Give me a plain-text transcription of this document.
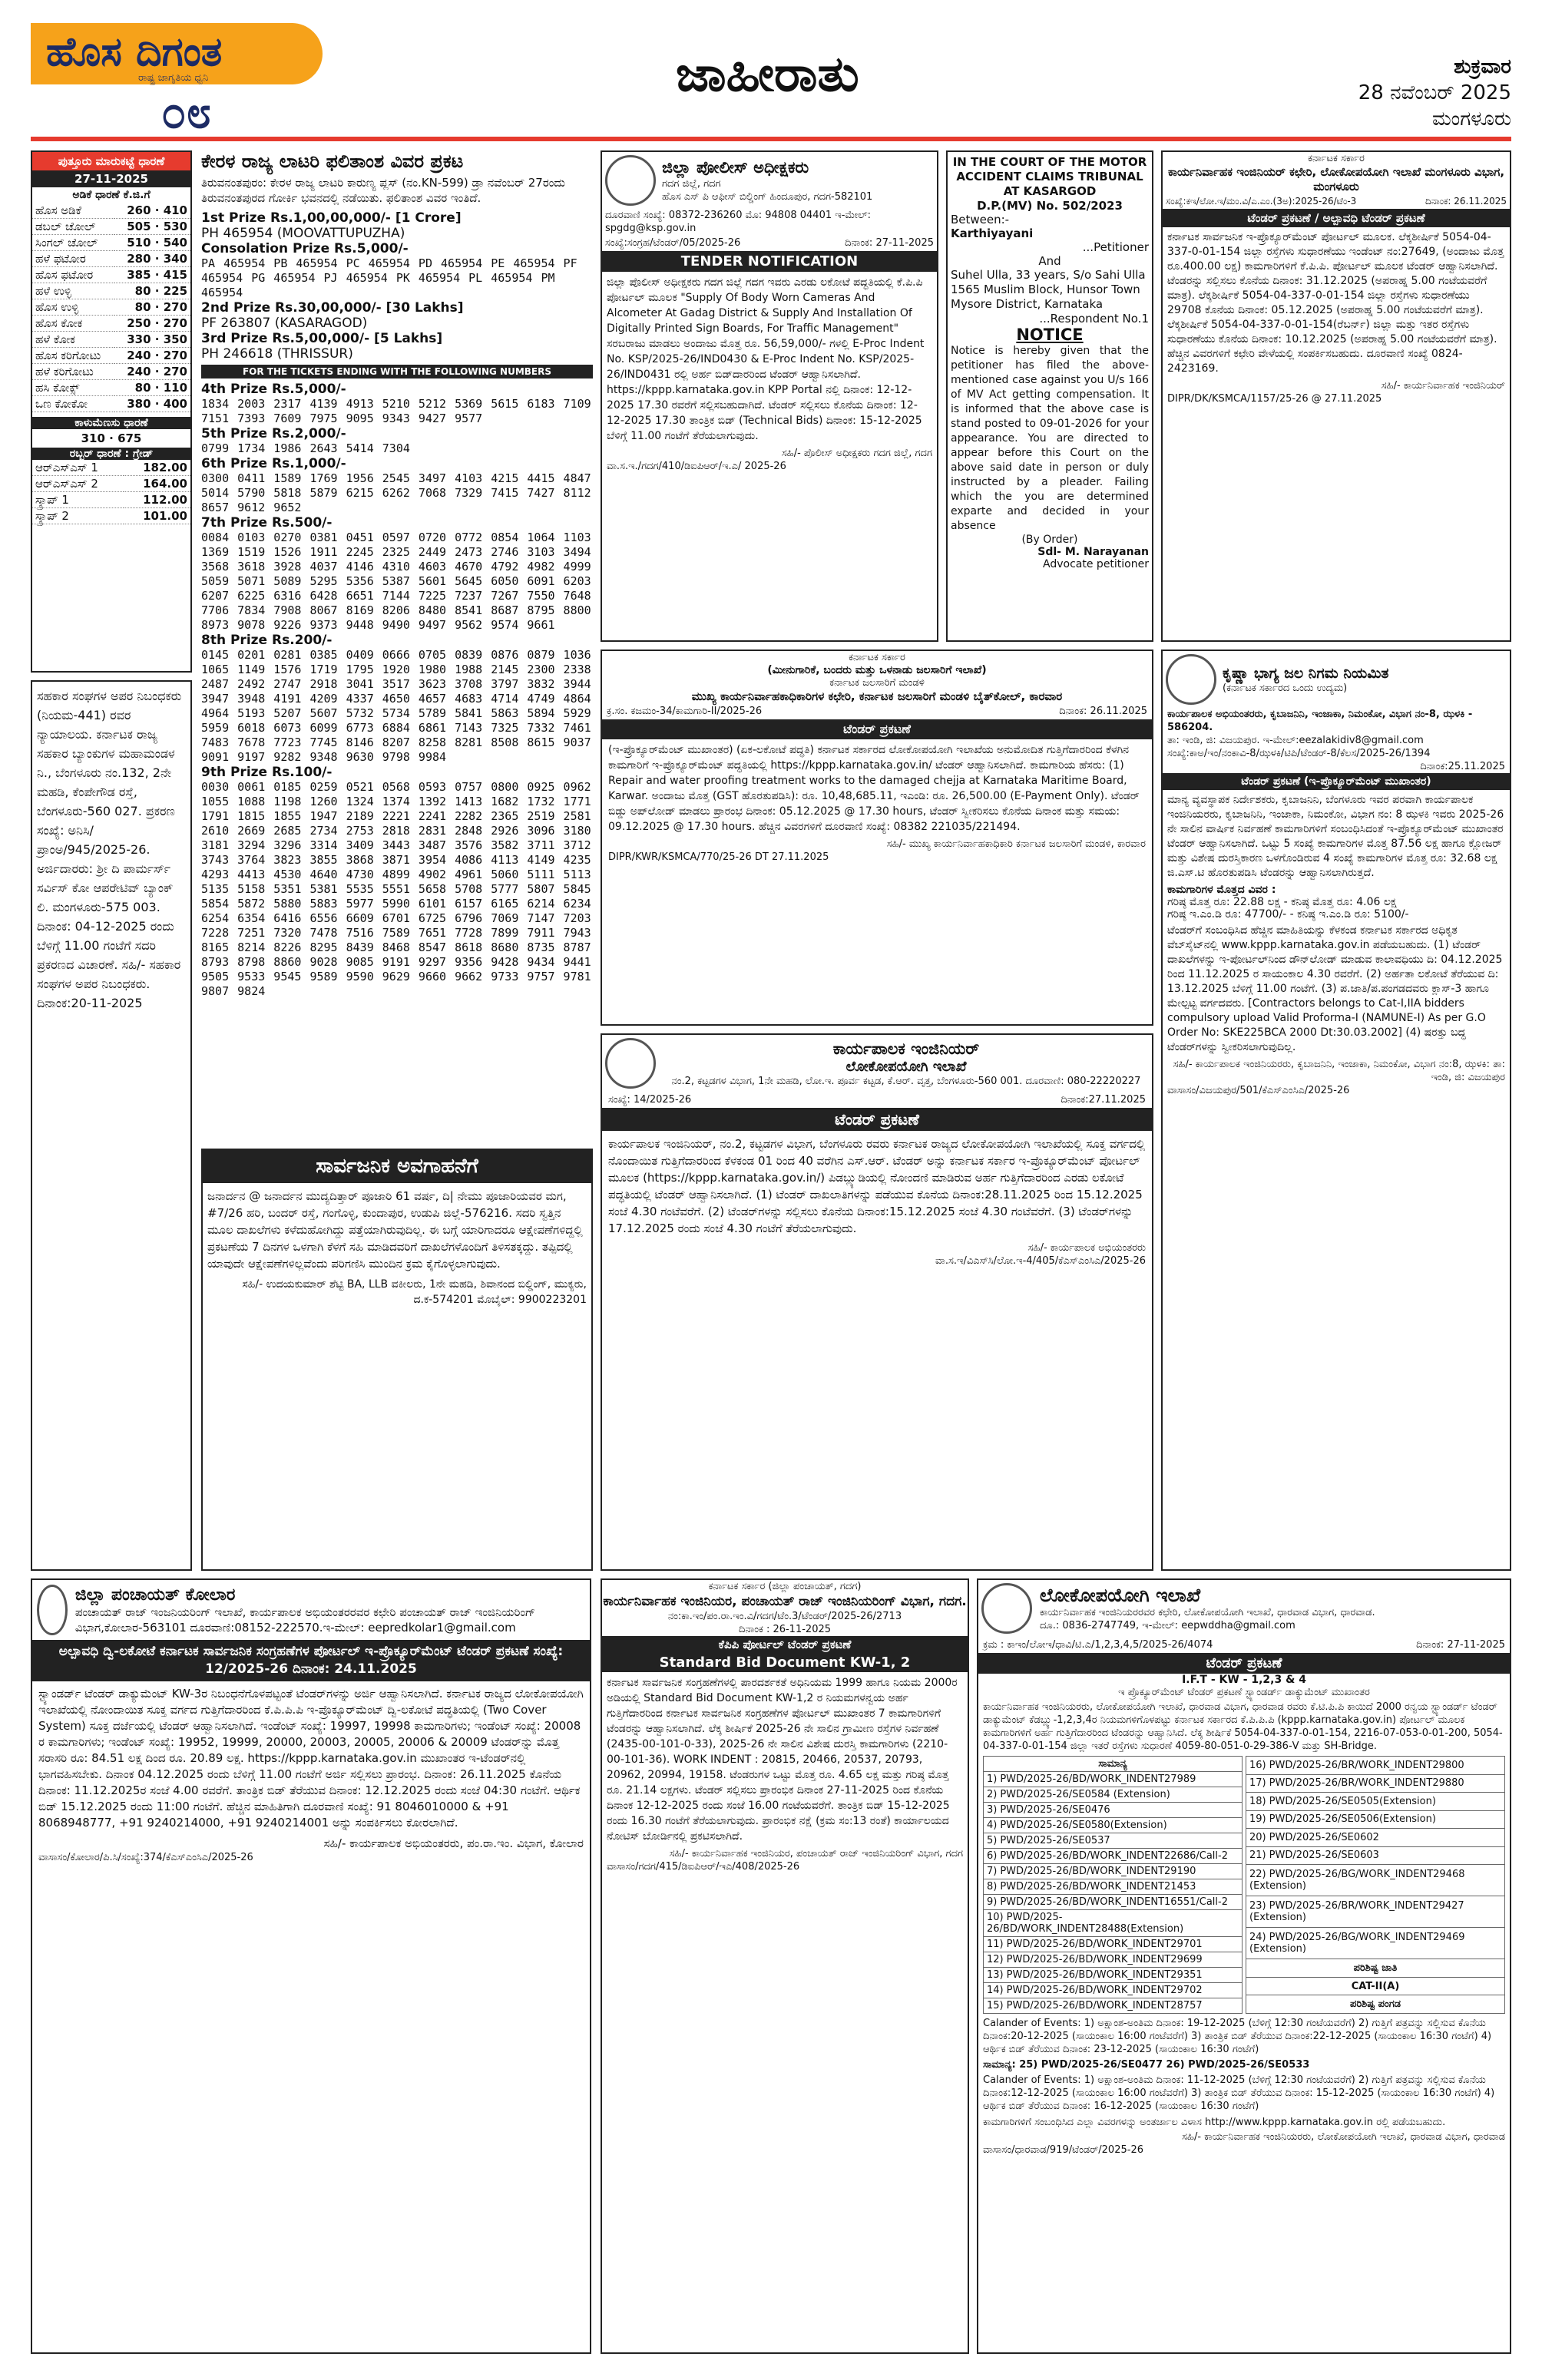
ಹೊಸ ದಿಗಂತ
ರಾಷ್ಟ್ರ ಜಾಗೃತಿಯ ಧ್ವನಿ
೦೮
ಜಾಹೀರಾತು	ಶುಕ್ರವಾರ
28 ನವೆಂಬರ್ 2025
ಮಂಗಳೂರು
ಪುತ್ತೂರು ಮಾರುಕಟ್ಟೆ ಧಾರಣೆ
27-11-2025
ಅಡಿಕೆ ಧಾರಣೆ ಕೆ.ಜಿ.ಗೆ
ಹೊಸ ಅಡಿಕೆ	260 · 410
ಡಬಲ್ ಚೋಲ್	505 · 530
ಸಿಂಗಲ್ ಚೋಲ್	510 · 540
ಹಳೆ ಫಟೋರ	280 · 340
ಹೊಸ ಫಟೋರ	385 · 415
ಹಳೆ ಉಳ್ಳಿ	80 · 225
ಹೊಸ ಉಳ್ಳಿ	80 · 270
ಹೊಸ ಕೋಕ	250 · 270
ಹಳೆ ಕೋಕ	330 · 350
ಹೊಸ ಕರಿಗೋಟು	240 · 270
ಹಳೆ ಕರಿಗೋಟು	240 · 270
ಹಸಿ ಕೋಕ್ಸ್	80 · 110
ಒಣ ಕೋಕೋ	380 · 400
ಕಾಳುಮೆಣಸು ಧಾರಣೆ
310 · 675
ರಬ್ಬರ್ ಧಾರಣೆ : ಗ್ರೇಡ್
ಆರ್‌ಎಸ್‌ಎಸ್ 1	182.00
ಆರ್‌ಎಸ್‌ಎಸ್ 2	164.00
ಸ್ಕ್ರಾಪ್ 1	112.00
ಸ್ಕ್ರಾಪ್ 2	101.00
ಸಹಕಾರ ಸಂಘಗಳ ಅಪರ ನಿಬಂಧಕರು (ನಿಯಮ-441) ರವರ ನ್ಯಾಯಾಲಯ. ಕರ್ನಾಟಕ ರಾಜ್ಯ ಸಹಕಾರ ಬ್ಯಾಂಕುಗಳ ಮಹಾಮಂಡಳ ನಿ., ಬೆಂಗಳೂರು ನಂ.132, 2ನೇ ಮಹಡಿ, ಕೆಂಪೇಗೌಡ ರಸ್ತೆ, ಬೆಂಗಳೂರು-560 027. ಪ್ರಕರಣ ಸಂಖ್ಯೆ: ಅನಿಸಿ/ಪ್ರಾಂಅ/945/2025-26. ಅರ್ಜಿದಾರರು: ಶ್ರೀ ದಿ ಪಾರ್ಮರ್ಸ್ ಸರ್ವಿಸ್ ಕೋ ಆಪರೇಟಿವ್ ಬ್ಯಾಂಕ್ ಲಿ. ಮಂಗಳೂರು-575 003. ದಿನಾಂಕ: 04-12-2025 ರಂದು ಬೆಳಿಗ್ಗೆ 11.00 ಗಂಟೆಗೆ ಸದರಿ ಪ್ರಕರಣದ ವಿಚಾರಣೆ. ಸಹಿ/- ಸಹಕಾರ ಸಂಘಗಳ ಅಪರ ನಿಬಂಧಕರು. ದಿನಾಂಕ:20-11-2025
ಕೇರಳ ರಾಜ್ಯ ಲಾಟರಿ ಫಲಿತಾಂಶ ವಿವರ ಪ್ರಕಟ
ತಿರುವನಂತಪುರಂ: ಕೇರಳ ರಾಜ್ಯ ಲಾಟರಿ ಕಾರುಣ್ಯ ಪ್ಲಸ್ (ನಂ.KN-599) ಡ್ರಾ ನವೆಂಬರ್ 27ರಂದು ತಿರುವನಂತಪುರದ ಗೋರ್ಕಿ ಭವನದಲ್ಲಿ ನಡೆಯಿತು. ಫಲಿತಾಂಶ ವಿವರ ಇಂತಿದೆ.
1st Prize Rs.1,00,00,000/- [1 Crore]
PH 465954 (MOOVATTUPUZHA)
Consolation Prize Rs.5,000/-
PA 465954 PB 465954 PC 465954 PD 465954 PE 465954 PF 465954 PG 465954 PJ 465954 PK 465954 PL 465954 PM 465954
2nd Prize Rs.30,00,000/- [30 Lakhs]
PF 263807 (KASARAGOD)
3rd Prize Rs.5,00,000/- [5 Lakhs]
PH 246618 (THRISSUR)
FOR THE TICKETS ENDING WITH THE FOLLOWING NUMBERS
4th Prize Rs.5,000/-
1834 2003 2317 4139 4913 5210 5212 5369 5615 6183 7109 7151 7393 7609 7975 9095 9343 9427 9577
5th Prize Rs.2,000/-
0799 1734 1986 2643 5414 7304
6th Prize Rs.1,000/-
0300 0411 1589 1769 1956 2545 3497 4103 4215 4415 4847 5014 5790 5818 5879 6215 6262 7068 7329 7415 7427 8112 8657 9612 9652
7th Prize Rs.500/-
0084 0103 0270 0381 0451 0597 0720 0772 0854 1064 1103 1369 1519 1526 1911 2245 2325 2449 2473 2746 3103 3494 3568 3618 3928 4037 4146 4310 4603 4670 4792 4982 4999 5059 5071 5089 5295 5356 5387 5601 5645 6050 6091 6203 6207 6225 6316 6428 6651 7144 7225 7237 7267 7550 7648 7706 7834 7908 8067 8169 8206 8480 8541 8687 8795 8800 8973 9078 9226 9373 9448 9490 9497 9562 9574 9661
8th Prize Rs.200/-
0145 0201 0281 0385 0409 0666 0705 0839 0876 0879 1036 1065 1149 1576 1719 1795 1920 1980 1988 2145 2300 2338 2487 2492 2747 2918 3041 3517 3623 3708 3797 3832 3944 3947 3948 4191 4209 4337 4650 4657 4683 4714 4749 4864 4964 5193 5207 5607 5732 5734 5789 5841 5863 5894 5929 5959 6018 6073 6099 6773 6884 6861 7143 7325 7332 7461 7483 7678 7723 7745 8146 8207 8258 8281 8508 8615 9037 9091 9197 9282 9348 9630 9798 9984
9th Prize Rs.100/-
0030 0061 0185 0259 0521 0568 0593 0757 0800 0925 0962 1055 1088 1198 1260 1324 1374 1392 1413 1682 1732 1771 1791 1815 1855 1947 2189 2221 2241 2282 2365 2519 2581 2610 2669 2685 2734 2753 2818 2831 2848 2926 3096 3180 3181 3294 3296 3314 3409 3443 3487 3576 3582 3711 3712 3743 3764 3823 3855 3868 3871 3954 4086 4113 4149 4235 4293 4413 4530 4640 4730 4899 4902 4961 5060 5111 5113 5135 5158 5351 5381 5535 5551 5658 5708 5777 5807 5845 5854 5872 5880 5883 5977 5990 6101 6157 6165 6214 6234 6254 6354 6416 6556 6609 6701 6725 6796 7069 7147 7203 7228 7251 7320 7478 7516 7589 7651 7728 7899 7911 7943 8165 8214 8226 8295 8439 8468 8547 8618 8680 8735 8787 8793 8798 8860 9028 9085 9191 9297 9356 9428 9434 9441 9505 9533 9545 9589 9590 9629 9660 9662 9733 9757 9781 9807 9824
ಸಾರ್ವಜನಿಕ ಅವಗಾಹನೆಗೆ
ಜನಾರ್ದನ @ ಜನಾರ್ದನ ಮುದ್ಯದಿತ್ತಾರ್ ಪೂಜಾರಿ 61 ವರ್ಷ, ದಿ| ನೇಮು ಪೂಜಾರಿಯವರ ಮಗ, #7/26 ಹರಿ, ಬಂದರ್ ರಸ್ತೆ, ಗಂಗೊಳ್ಳಿ, ಕುಂದಾಪುರ, ಉಡುಪಿ ಜಿಲ್ಲೆ-576216. ಸದರಿ ಸ್ವತ್ತಿನ ಮೂಲ ದಾಖಲೆಗಳು ಕಳೆದುಹೋಗಿದ್ದು ಪತ್ತೆಯಾಗಿರುವುದಿಲ್ಲ. ಈ ಬಗ್ಗೆ ಯಾರಿಗಾದರೂ ಆಕ್ಷೇಪಣೆಗಳಿದ್ದಲ್ಲಿ ಪ್ರಕಟಣೆಯ 7 ದಿನಗಳ ಒಳಗಾಗಿ ಕೆಳಗೆ ಸಹಿ ಮಾಡಿದವರಿಗೆ ದಾಖಲೆಗಳೊಂದಿಗೆ ತಿಳಿಸತಕ್ಕದ್ದು. ತಪ್ಪಿದಲ್ಲಿ ಯಾವುದೇ ಆಕ್ಷೇಪಣೆಗಳಿಲ್ಲವೆಂದು ಪರಿಗಣಿಸಿ ಮುಂದಿನ ಕ್ರಮ ಕೈಗೊಳ್ಳಲಾಗುವುದು.
ಸಹಿ/- ಉದಯಕುಮಾರ್ ಶೆಟ್ಟಿ BA, LLB ವಕೀಲರು, 1ನೇ ಮಹಡಿ, ಶಿವಾನಂದ ಬಿಲ್ಡಿಂಗ್, ಮುಕ್ಯರು, ದ.ಕ-574201 ಮೊಬೈಲ್: 9900223201
ಜಿಲ್ಲಾ ಪೋಲೀಸ್ ಅಧೀಕ್ಷಕರು
ಗದಗ ಜಿಲ್ಲೆ, ಗದಗ
ಹೊಸ ಎಸ್ ಪಿ ಆಫೀಸ್ ಬಿಲ್ಡಿಂಗ್ ಹಿಂದೂಪುರ, ಗದಗ-582101
ದೂರವಾಣಿ ಸಂಖ್ಯೆ: 08372-236260 ಮೊ: 94808 04401 ಇ-ಮೇಲ್: spgdg@ksp.gov.in
ಸಂಖ್ಯೆ:ಸಂಗ್ರಹ/ಟೆಂಡರ್/05/2025-26	ದಿನಾಂಕ: 27-11-2025
TENDER NOTIFICATION
ಜಿಲ್ಲಾ ಪೊಲೀಸ್ ಅಧೀಕ್ಷಕರು ಗದಗ ಜಿಲ್ಲೆ ಗದಗ ಇವರು ಎರಡು ಲಕೋಟೆ ಪದ್ಧತಿಯಲ್ಲಿ ಕೆ.ಪಿ.ಪಿ ಪೋರ್ಟಲ್ ಮೂಲಕ "Supply Of Body Worn Cameras And Alcometer At Gadag District & Supply And Installation Of Digitally Printed Sign Boards, For Traffic Management" ಸರಬರಾಜು ಮಾಡಲು ಅಂದಾಜು ಮೊತ್ತ ರೂ. 56,59,000/- ಗಳಲ್ಲಿ E-Proc Indent No. KSP/2025-26/IND0430 & E-Proc Indent No. KSP/2025-26/IND0431 ರಲ್ಲಿ ಅರ್ಹ ಬಿಡ್‌ದಾರರಿಂದ ಟೆಂಡರ್ ಆಹ್ವಾನಿಸಲಾಗಿದೆ. https://kppp.karnataka.gov.in KPP Portal ನಲ್ಲಿ ದಿನಾಂಕ: 12-12-2025 17.30 ರವರೆಗೆ ಸಲ್ಲಿಸಬಹುದಾಗಿದೆ. ಟೆಂಡರ್ ಸಲ್ಲಿಸಲು ಕೊನೆಯ ದಿನಾಂಕ: 12-12-2025 17.30 ತಾಂತ್ರಿಕ ಬಿಡ್ (Technical Bids) ದಿನಾಂಕ: 15-12-2025 ಬೆಳಿಗ್ಗೆ 11.00 ಗಂಟೆಗೆ ತೆರೆಯಲಾಗುವುದು.
ಸಹಿ/- ಪೊಲೀಸ್ ಅಧೀಕ್ಷಕರು ಗದಗ ಜಿಲ್ಲೆ, ಗದಗ
ವಾ.ಸ.ಇ./ಗದಗ/410/ಡಿಐಪಿಆರ್/ಇ.ಎ/ 2025-26
IN THE COURT OF THE MOTOR ACCIDENT CLAIMS TRIBUNAL AT KASARGOD
D.P.(MV) No. 502/2023
Between:-
Karthiyayani
...Petitioner
And
Suhel Ulla, 33 years, S/o Sahi Ulla 1565 Muslim Block, Hunsor Town Mysore District, Karnataka
...Respondent No.1
NOTICE
Notice is hereby given that the petitioner has filed the above-mentioned case against you U/s 166 of MV Act getting compensation. It is informed that the above case is stand posted to 09-01-2026 for your appearance. You are directed to appear before this Court on the above said date in person or duly instructed by a pleader. Failing which the you are determined exparte and decided in your absence
(By Order)
Sdl- M. Narayanan
Advocate petitioner
ಕರ್ನಾಟಕ ಸರ್ಕಾರ
ಕಾರ್ಯನಿರ್ವಾಹಕ ಇಂಜಿನಿಯರ್ ಕಛೇರಿ, ಲೋಕೋಪಯೋಗಿ ಇಲಾಖೆ ಮಂಗಳೂರು ವಿಭಾಗ, ಮಂಗಳೂರು
ಸಂಖ್ಯೆ:ಕಇ/ಲೋ.ಇ/ಮಂ.ವಿ/ಎ.ಎಂ.(3ಅ):2025-26/ಟೆಂ-3	ದಿನಾಂಕ: 26.11.2025
ಟೆಂಡರ್ ಪ್ರಕಟಣೆ / ಅಲ್ಪಾವಧಿ ಟೆಂಡರ್ ಪ್ರಕಟಣೆ
ಕರ್ನಾಟಕ ಸಾರ್ವಜನಿಕ ಇ-ಪ್ರೊಕ್ಯೂರ್‌ಮೆಂಟ್ ಪೋರ್ಟಲ್ ಮೂಲಕ. ಲೆಕ್ಕಶೀರ್ಷಿಕೆ 5054-04-337-0-01-154 ಜಿಲ್ಲಾ ರಸ್ತೆಗಳು ಸುಧಾರಣೆಯು ಇಂಡೆಂಟ್ ನಂ:27649, (ಅಂದಾಜು ಮೊತ್ತ ರೂ.400.00 ಲಕ್ಷ) ಕಾಮಗಾರಿಗಳಿಗೆ ಕೆ.ಪಿ.ಪಿ. ಪೋರ್ಟಲ್ ಮೂಲಕ ಟೆಂಡರ್ ಆಹ್ವಾನಿಸಲಾಗಿದೆ. ಟೆಂಡರನ್ನು ಸಲ್ಲಿಸಲು ಕೊನೆಯ ದಿನಾಂಕ: 31.12.2025 (ಅಪರಾಹ್ನ 5.00 ಗಂಟೆಯವರೆಗೆ ಮಾತ್ರ). ಲೆಕ್ಕಶೀರ್ಷಿಕೆ 5054-04-337-0-01-154 ಜಿಲ್ಲಾ ರಸ್ತೆಗಳು ಸುಧಾರಣೆಯು 29708 ಕೊನೆಯ ದಿನಾಂಕ: 05.12.2025 (ಅಪರಾಹ್ನ 5.00 ಗಂಟೆಯವರೆಗೆ ಮಾತ್ರ). ಲೆಕ್ಕಶೀರ್ಷಿಕೆ 5054-04-337-0-01-154(ರೆಬರ್ನ್) ಜಿಲ್ಲಾ ಮತ್ತು ಇತರ ರಸ್ತೆಗಳು ಸುಧಾರಣೆಯು ಕೊನೆಯ ದಿನಾಂಕ: 10.12.2025 (ಅಪರಾಹ್ನ 5.00 ಗಂಟೆಯವರೆಗೆ ಮಾತ್ರ). ಹೆಚ್ಚಿನ ವಿವರಗಳಿಗೆ ಕಛೇರಿ ವೇಳೆಯಲ್ಲಿ ಸಂಪರ್ಕಿಸಬಹುದು. ದೂರವಾಣಿ ಸಂಖ್ಯೆ 0824-2423169.
ಸಹಿ/- ಕಾರ್ಯನಿರ್ವಾಹಕ ಇಂಜಿನಿಯರ್
DIPR/DK/KSMCA/1157/25-26 @ 27.11.2025
ಕರ್ನಾಟಕ ಸರ್ಕಾರ
(ಮೀನುಗಾರಿಕೆ, ಬಂದರು ಮತ್ತು ಒಳನಾಡು ಜಲಸಾರಿಗೆ ಇಲಾಖೆ)
ಕರ್ನಾಟಕ ಜಲಸಾರಿಗೆ ಮಂಡಳಿ
ಮುಖ್ಯ ಕಾರ್ಯನಿರ್ವಾಹಕಾಧಿಕಾರಿಗಳ ಕಛೇರಿ, ಕರ್ನಾಟಕ ಜಲಸಾರಿಗೆ ಮಂಡಳಿ ಬೈತ್‌ಕೋಲ್, ಕಾರವಾರ
ಕ್ರ.ಸಂ. ಕಜಮಂ-34/ಕಾಮಗಾರಿ-II/2025-26	ದಿನಾಂಕ: 26.11.2025
ಟೆಂಡರ್ ಪ್ರಕಟಣೆ
(ಇ-ಪ್ರೊಕ್ಯೂರ್‌ಮೆಂಟ್ ಮುಖಾಂತರ) (ಏಕ-ಲಕೋಟೆ ಪದ್ಧತಿ) ಕರ್ನಾಟಕ ಸರ್ಕಾರದ ಲೋಕೋಪಯೋಗಿ ಇಲಾಖೆಯ ಅನುಮೋದಿತ ಗುತ್ತಿಗೆದಾರರಿಂದ ಕೆಳಗಿನ ಕಾಮಗಾರಿಗೆ ಇ-ಪ್ರೊಕ್ಯೂರ್‌ಮೆಂಟ್ ಪದ್ಧತಿಯಲ್ಲಿ https://kppp.karnataka.gov.in/ ಟೆಂಡರ್ ಆಹ್ವಾನಿಸಲಾಗಿದೆ. ಕಾಮಗಾರಿಯ ಹೆಸರು: (1) Repair and water proofing treatment works to the damaged chejja at Karnataka Maritime Board, Karwar. ಅಂದಾಜು ಮೊತ್ತ (GST ಹೊರತುಪಡಿಸಿ): ರೂ. 10,48,685.11, ಇಎಂಡಿ: ರೂ. 26,500.00 (E-Payment Only). ಟೆಂಡರ್ ಬಿಡ್ಡು ಅಪ್‌ಲೋಡ್ ಮಾಡಲು ಪ್ರಾರಂಭ ದಿನಾಂಕ: 05.12.2025 @ 17.30 hours, ಟೆಂಡರ್ ಸ್ವೀಕರಿಸಲು ಕೊನೆಯ ದಿನಾಂಕ ಮತ್ತು ಸಮಯ: 09.12.2025 @ 17.30 hours. ಹೆಚ್ಚಿನ ವಿವರಗಳಿಗೆ ದೂರವಾಣಿ ಸಂಖ್ಯೆ: 08382 221035/221494.
ಸಹಿ/- ಮುಖ್ಯ ಕಾರ್ಯನಿರ್ವಾಹಕಾಧಿಕಾರಿ ಕರ್ನಾಟಕ ಜಲಸಾರಿಗೆ ಮಂಡಳಿ, ಕಾರವಾರ
DIPR/KWR/KSMCA/770/25-26 DT 27.11.2025
ಕಾರ್ಯಪಾಲಕ ಇಂಜಿನಿಯರ್
ಲೋಕೋಪಯೋಗಿ ಇಲಾಖೆ
ನಂ.2, ಕಟ್ಟಡಗಳ ವಿಭಾಗ, 1ನೇ ಮಹಡಿ, ಲೋ.ಇ. ಪೂರ್ವ ಕಟ್ಟಡ, ಕೆ.ಆರ್. ವೃತ್ತ, ಬೆಂಗಳೂರು-560 001. ದೂರವಾಣಿ: 080-22220227
ಸಂಖ್ಯೆ: 14/2025-26	ದಿನಾಂಕ:27.11.2025
ಟೆಂಡರ್ ಪ್ರಕಟಣೆ
ಕಾರ್ಯಪಾಲಕ ಇಂಜಿನಿಯರ್, ನಂ.2, ಕಟ್ಟಡಗಳ ವಿಭಾಗ, ಬೆಂಗಳೂರು ರವರು ಕರ್ನಾಟಕ ರಾಜ್ಯದ ಲೋಕೋಪಯೋಗಿ ಇಲಾಖೆಯಲ್ಲಿ ಸೂಕ್ತ ವರ್ಗದಲ್ಲಿ ನೊಂದಾಯಿತ ಗುತ್ತಿಗೆದಾರರಿಂದ ಕೆಳಕಂಡ 01 ರಿಂದ 40 ವರೆಗಿನ ಎಸ್.ಆರ್. ಟೆಂಡರ್ ಅನ್ನು ಕರ್ನಾಟಕ ಸರ್ಕಾರ ಇ-ಪ್ರೊಕ್ಯೂರ್‌ಮೆಂಟ್ ಪೋರ್ಟಲ್ ಮೂಲಕ (https://kppp.karnataka.gov.in/) ಪಿಡಬ್ಲ್ಯುಡಿಯಲ್ಲಿ ನೋಂದಣಿ ಮಾಡಿರುವ ಅರ್ಹ ಗುತ್ತಿಗೆದಾರರಿಂದ ಎರಡು ಲಕೋಟೆ ಪದ್ಧತಿಯಲ್ಲಿ ಟೆಂಡರ್ ಆಹ್ವಾನಿಸಲಾಗಿದೆ. (1) ಟೆಂಡರ್ ದಾಖಲಾತಿಗಳನ್ನು ಪಡೆಯುವ ಕೊನೆಯ ದಿನಾಂಕ:28.11.2025 ರಿಂದ 15.12.2025 ಸಂಜೆ 4.30 ಗಂಟೆವರೆಗೆ. (2) ಟೆಂಡರ್‌ಗಳನ್ನು ಸಲ್ಲಿಸಲು ಕೊನೆಯ ದಿನಾಂಕ:15.12.2025 ಸಂಜೆ 4.30 ಗಂಟೆವರೆಗೆ. (3) ಟೆಂಡರ್‌ಗಳನ್ನು 17.12.2025 ರಂದು ಸಂಜೆ 4.30 ಗಂಟೆಗೆ ತೆರೆಯಲಾಗುವುದು.
ಸಹಿ/- ಕಾರ್ಯಪಾಲಕ ಅಭಿಯಂತರರು
ವಾ.ಸ.ಇ/ವಿಎಸ್‌ಸಿ/ಲೋ.ಇ-4/405/ಕೆಎಸ್‌ಎಂಸಿಎ/2025-26
ಕೃಷ್ಣಾ ಭಾಗ್ಯ ಜಲ ನಿಗಮ ನಿಯಮಿತ
(ಕರ್ನಾಟಕ ಸರ್ಕಾರದ ಒಂದು ಉದ್ಯಮ)
ಕಾರ್ಯಪಾಲಕ ಅಭಿಯಂತರರು, ಕೃಬಾಜನಿನಿ, ಇಂಜಾಕಾ, ನಿಮಂಕೋ, ವಿಭಾಗ ನಂ-8, ಝಳಕಿ - 586204.
ತಾ: ಇಂಡಿ, ಜಿ: ವಿಜಯಪುರ. ಇ-ಮೇಲ್:eezalakidiv8@gmail.com
ಸಂಖ್ಯೆ:ಕಾಅ/ಇಂ/ನಂಕಾವಿ-8/ಝಳಕಿ/ಟಿಪಿ/ಟೆಂಡರ್-8/ಕೆಲಸ/2025-26/1394
ದಿನಾಂಕ:25.11.2025
ಟೆಂಡರ್ ಪ್ರಕಟಣೆ (ಇ-ಪ್ರೊಕ್ಯೂರ್‌ಮೆಂಟ್ ಮುಖಾಂತರ)
ಮಾನ್ಯ ವ್ಯವಸ್ಥಾಪಕ ನಿರ್ದೇಶಕರು, ಕೃಬಾಜನಿನಿ, ಬೆಂಗಳೂರು ಇವರ ಪರವಾಗಿ ಕಾರ್ಯಪಾಲಕ ಇಂಜಿನಿಯರರು, ಕೃಬಾಜನಿನಿ, ಇಂಜಾಕಾ, ನಿಮಂಕೋ, ವಿಭಾಗ ನಂ: 8 ಝಳಕಿ ಇವರು 2025-26 ನೇ ಸಾಲಿನ ವಾರ್ಷಿಕ ನಿರ್ವಹಣೆ ಕಾಮಗಾರಿಗಳಿಗೆ ಸಂಬಂಧಿಸಿದಂತೆ ಇ-ಪ್ರೊಕ್ಯೂರ್‌ಮೆಂಟ್ ಮುಖಾಂತರ ಟೆಂಡರ್ ಆಹ್ವಾನಿಸಲಾಗಿದೆ. ಒಟ್ಟು 5 ಸಂಖ್ಯೆ ಕಾಮಗಾರಿಗಳ ಮೊತ್ತ 87.56 ಲಕ್ಷ ಹಾಗೂ ಕ್ಲೋಜರ್ ಮತ್ತು ವಿಶೇಷ ದುರಸ್ತಿಕಾರಣ ಒಳಗೊಂಡಿರುವ 4 ಸಂಖ್ಯೆ ಕಾಮಗಾರಿಗಳ ಮೊತ್ತ ರೂ: 32.68 ಲಕ್ಷ ಜಿ.ಎಸ್.ಟಿ ಹೊರತುಪಡಿಸಿ ಟೆಂಡರನ್ನು ಆಹ್ವಾನಿಸಲಾಗಿರುತ್ತದೆ.
ಕಾಮಗಾರಿಗಳ ಮೊತ್ತದ ವಿವರ :
ಗರಿಷ್ಠ ಮೊತ್ತ ರೂ: 22.88 ಲಕ್ಷ - ಕನಿಷ್ಠ ಮೊತ್ತ ರೂ: 4.06 ಲಕ್ಷ
ಗರಿಷ್ಠ ಇ.ಎಂ.ಡಿ ರೂ: 47700/- - ಕನಿಷ್ಠ ಇ.ಎಂ.ಡಿ ರೂ: 5100/-
ಟೆಂಡರ್‌ಗೆ ಸಂಬಂಧಿಸಿದ ಹೆಚ್ಚಿನ ಮಾಹಿತಿಯನ್ನು ಕೆಳಕಂಡ ಕರ್ನಾಟಕ ಸರ್ಕಾರದ ಅಧಿಕೃತ ವೆಬ್‌ಸೈಟ್‌ನಲ್ಲಿ www.kppp.karnataka.gov.in ಪಡೆಯಬಹುದು. (1) ಟೆಂಡರ್ ದಾಖಲೆಗಳನ್ನು ಇ-ಪೋರ್ಟಲ್‌ನಿಂದ ಡೌನ್‌ಲೋಡ್ ಮಾಡುವ ಕಾಲಾವಧಿಯು ದಿ: 04.12.2025 ರಿಂದ 11.12.2025 ರ ಸಾಯಂಕಾಲ 4.30 ರವರೆಗೆ. (2) ಅರ್ಹತಾ ಲಕೋಟೆ ತೆರೆಯುವ ದಿ: 13.12.2025 ಬೆಳಿಗ್ಗೆ 11.00 ಗಂಟೆಗೆ. (3) ಪ.ಜಾತಿ/ಪ.ಪಂಗಡದವರು ಕ್ಲಾಸ್-3 ಹಾಗೂ ಮೇಲ್ಪಟ್ಟ ವರ್ಗದವರು. [Contractors belongs to Cat-I,IIA bidders compulsory upload Valid Proforma-I (NAMUNE-I) As per G.O Order No: SKE225BCA 2000 Dt:30.03.2002] (4) ಷರತ್ತು ಬದ್ಧ ಟೆಂಡರ್‌ಗಳನ್ನು ಸ್ವೀಕರಿಸಲಾಗುವುದಿಲ್ಲ.
ಸಹಿ/- ಕಾರ್ಯಪಾಲಕ ಇಂಜಿನಿಯರರು, ಕೃಬಾಜನಿನಿ, ಇಂಜಾಕಾ, ನಿಮಂಕೋ, ವಿಭಾಗ ನಂ:8, ಝಳಕಿ: ತಾ: ಇಂಡಿ, ಜಿ: ವಿಜಯಪುರ
ವಾಸಾಸಂ/ವಿಜಯಪುರ/501/ಕೆಎಸ್‌ಎಂಸಿಎ/2025-26
ಜಿಲ್ಲಾ ಪಂಚಾಯತ್ ಕೋಲಾರ
ಪಂಚಾಯತ್ ರಾಜ್ ಇಂಜನಿಯರಿಂಗ್ ಇಲಾಖೆ, ಕಾರ್ಯಪಾಲಕ ಅಭಿಯಂತರರವರ ಕಛೇರಿ ಪಂಚಾಯತ್ ರಾಜ್ ಇಂಜಿನಿಯರಿಂಗ್ ವಿಭಾಗ,ಕೋಲಾರ-563101 ದೂರವಾಣಿ:08152-222570.ಇ-ಮೇಲ್: eepredkolar1@gmail.com
ಅಲ್ಪಾವಧಿ ದ್ವಿ-ಲಕೋಟೆ ಕರ್ನಾಟಕ ಸಾರ್ವಜನಿಕ ಸಂಗ್ರಹಣೆಗಳ ಪೋರ್ಟಲ್ ಇ-ಪ್ರೊಕ್ಯೂರ್‌ಮೆಂಟ್ ಟೆಂಡರ್ ಪ್ರಕಟಣೆ ಸಂಖ್ಯೆ: 12/2025-26 ದಿನಾಂಕ: 24.11.2025
ಸ್ಟ್ಯಾಂಡರ್ಡ್ ಟೆಂಡರ್ ಡಾಕ್ಯುಮೆಂಟ್ KW-3ರ ನಿಬಂಧನೆಗೊಳಪಟ್ಟಂತೆ ಟೆಂಡರ್‌ಗಳನ್ನು ಅರ್ಜಿ ಆಹ್ವಾನಿಸಲಾಗಿದೆ. ಕರ್ನಾಟಕ ರಾಜ್ಯದ ಲೋಕೋಪಯೋಗಿ ಇಲಾಖೆಯಲ್ಲಿ ನೋಂದಾಯಿತ ಸೂಕ್ತ ವರ್ಗದ ಗುತ್ತಿಗೆದಾರರಿಂದ ಕೆ.ಪಿ.ಪಿ.ಪಿ ಇ-ಪ್ರೊಕ್ಯೂರ್‌ಮೆಂಟ್ ದ್ವಿ-ಲಕೋಟೆ ಪದ್ಧತಿಯಲ್ಲಿ (Two Cover System) ಸೂಕ್ತ ದರ್ಜೆಯಲ್ಲಿ ಟೆಂಡರ್ ಆಹ್ವಾನಿಸಲಾಗಿದೆ. ಇಂಡೆಂಟ್ ಸಂಖ್ಯೆ: 19997, 19998 ಕಾಮಗಾರಿಗಳು; ಇಂಡೆಂಟ್ ಸಂಖ್ಯೆ: 20008 ರ ಕಾಮಗಾರಿಗಳು; ಇಂಡೆಂಟ್ ಸಂಖ್ಯೆ: 19952, 19999, 20000, 20003, 20005, 20006 & 20009 ಟೆಂಡರ್‌ನ್ನು ಮೊತ್ತ ಸರಾಸರಿ ರೂ: 84.51 ಲಕ್ಷ ದಿಂದ ರೂ. 20.89 ಲಕ್ಷ. https://kppp.karnataka.gov.in ಮುಖಾಂತರ ಇ-ಟೆಂಡರ್‌ನಲ್ಲಿ ಭಾಗವಹಿಸಬೇಕು. ದಿನಾಂಕ 04.12.2025 ರಂದು ಬೆಳಿಗ್ಗೆ 11.00 ಗಂಟೆಗೆ ಅರ್ಜಿ ಸಲ್ಲಿಸಲು ಪ್ರಾರಂಭ. ದಿನಾಂಕ: 26.11.2025 ಕೊನೆಯ ದಿನಾಂಕ: 11.12.2025ರ ಸಂಜೆ 4.00 ರವರೆಗೆ. ತಾಂತ್ರಿಕ ಬಿಡ್ ತೆರೆಯುವ ದಿನಾಂಕ: 12.12.2025 ರಂದು ಸಂಜೆ 04:30 ಗಂಟೆಗೆ. ಆರ್ಥಿಕ ಬಿಡ್ 15.12.2025 ರಂದು 11:00 ಗಂಟೆಗೆ. ಹೆಚ್ಚಿನ ಮಾಹಿತಿಗಾಗಿ ದೂರವಾಣಿ ಸಂಖ್ಯೆ: 91 8046010000 & +91 8068948777, +91 9240214000, +91 9240214001 ಅನ್ನು ಸಂಪರ್ಕಿಸಲು ಕೋರಲಾಗಿದೆ.
ಸಹಿ/- ಕಾರ್ಯಪಾಲಕ ಅಭಿಯಂತರರು, ಪಂ.ರಾ.ಇಂ. ವಿಭಾಗ, ಕೋಲಾರ
ವಾಸಾಸಂ/ಕೋಲಾರ/ಪಿ.ಸಿ/ಸಂಖ್ಯೆ:374/ಕೆಎಸ್‌ಎಂಸಿಎ/2025-26
ಕರ್ನಾಟಕ ಸರ್ಕಾರ (ಜಿಲ್ಲಾ ಪಂಚಾಯತ್, ಗದಗ)
ಕಾರ್ಯನಿರ್ವಾಹಕ ಇಂಜಿನಿಯರ, ಪಂಚಾಯತ್ ರಾಜ್ ಇಂಜಿನಿಯರಿಂಗ್ ವಿಭಾಗ, ಗದಗ.
ನಂ:ಕಾ.ಇಂ/ಪಂ.ರಾ.ಇಂ.ವಿ/ಗದಗ/ಟೆಂ.3/ಟೆಂಡರ್/2025-26/2713
ದಿನಾಂಕ : 26-11-2025
ಕೆಪಿಪಿ ಪೋರ್ಟಲ್ ಟೆಂಡರ್ ಪ್ರಕಟಣೆ
Standard Bid Document KW-1, 2
ಕರ್ನಾಟಕ ಸಾರ್ವಜನಿಕ ಸಂಗ್ರಹಣೆಗಳಲ್ಲಿ ಪಾರದರ್ಶಕತೆ ಅಧಿನಿಯಮ 1999 ಹಾಗೂ ನಿಯಮ 2000ರ ಅಡಿಯಲ್ಲಿ Standard Bid Document KW-1,2 ರ ನಿಯಮಗಳನ್ವಯ ಅರ್ಹ ಗುತ್ತಿಗೆದಾರರಿಂದ ಕರ್ನಾಟಕ ಸಾರ್ವಜನಿಕ ಸಂಗ್ರಹಣೆಗಳ ಪೋರ್ಟಲ್ ಮುಖಾಂತರ 7 ಕಾಮಗಾರಿಗಳಿಗೆ ಟೆಂಡರನ್ನು ಆಹ್ವಾನಿಸಲಾಗಿದೆ. ಲೆಕ್ಕ ಶೀರ್ಷಿಕೆ 2025-26 ನೇ ಸಾಲಿನ ಗ್ರಾಮೀಣ ರಸ್ತೆಗಳ ನಿರ್ವಹಣೆ (2435-00-101-0-33), 2025-26 ನೇ ಸಾಲಿನ ವಿಶೇಷ ದುರಸ್ತಿ ಕಾಮಗಾರಿಗಳು (2210-00-101-36). WORK INDENT : 20815, 20466, 20537, 20793, 20962, 20994, 19158. ಟೆಂಡರುಗಳ ಒಟ್ಟು ಮೊತ್ತ ರೂ. 4.65 ಲಕ್ಷ ಮತ್ತು ಗರಿಷ್ಠ ಮೊತ್ತ ರೂ. 21.14 ಲಕ್ಷಗಳು. ಟೆಂಡರ್ ಸಲ್ಲಿಸಲು ಪ್ರಾರಂಭಿಕ ದಿನಾಂಕ 27-11-2025 ರಿಂದ ಕೊನೆಯ ದಿನಾಂಕ 12-12-2025 ರಂದು ಸಂಜೆ 16.00 ಗಂಟೆಯವರೆಗೆ. ತಾಂತ್ರಿಕ ಬಿಡ್ 15-12-2025 ರಂದು 16.30 ಗಂಟೆಗೆ ತೆರೆಯಲಾಗುವುದು. ಪ್ರಾರಂಭಿಕ ನಕ್ಷೆ (ಕ್ರಮ ಸಂ:13 ರಂತೆ) ಕಾರ್ಯಾಲಯದ ನೋಟಿಸ್ ಬೋರ್ಡಿನಲ್ಲಿ ಪ್ರಕಟಿಸಲಾಗಿದೆ.
ಸಹಿ/- ಕಾರ್ಯನಿರ್ವಾಹಕ ಇಂಜಿನಿಯರ, ಪಂಚಾಯತ್ ರಾಜ್ ಇಂಜಿನಿಯರಿಂಗ್ ವಿಭಾಗ, ಗದಗ
ವಾಸಾಸಂ/ಗದಗ/415/ಡಿಐಪಿಆರ್/ಇಎ/408/2025-26
ಲೋಕೋಪಯೋಗಿ ಇಲಾಖೆ
ಕಾರ್ಯನಿರ್ವಾಹಕ ಇಂಜಿನಿಯರರವರ ಕಛೇರಿ, ಲೋಕೋಪಯೋಗಿ ಇಲಾಖೆ, ಧಾರವಾಡ ವಿಭಾಗ, ಧಾರವಾಡ.
ದೂ.: 0836-2747749, ಇ-ಮೇಲ್: eepwddha@gmail.com
ಕ್ರಮ : ಕಾಇಂ/ಲೋಇ/ಧಾವಿ/ಟಿ.ಎ/1,2,3,4,5/2025-26/4074	ದಿನಾಂಕ: 27-11-2025
ಟೆಂಡರ್ ಪ್ರಕಟಣೆ
I.F.T - KW - 1,2,3 & 4
ಇ ಪ್ರೊಕ್ಯೂರ್‌ಮೆಂಟ್ ಟೆಂಡರ್ ಪ್ರಕಟಣೆ ಸ್ಟ್ಯಾಂಡರ್ಡ್ ಡಾಕ್ಯುಮೆಂಟ್ ಮುಖಾಂತರ
ಕಾರ್ಯನಿರ್ವಾಹಕ ಇಂಜಿನಿಯರರು, ಲೋಕೋಪಯೋಗಿ ಇಲಾಖೆ, ಧಾರವಾಡ ವಿಭಾಗ, ಧಾರವಾಡ ರವರು ಕೆ.ಟಿ.ಪಿ.ಪಿ ಕಾಯಿದೆ 2000 ರನ್ವಯ ಸ್ಟ್ಯಾಂಡರ್ಡ್ ಟೆಂಡರ್ ಡಾಕ್ಯುಮೆಂಟ್ ಕೆಡಬ್ಲ್ಯು-1,2,3,4ರ ನಿಯಮಗಳಿಗೊಳಪಟ್ಟು ಕರ್ನಾಟಕ ಸರ್ಕಾರದ ಕೆ.ಪಿ.ಪಿ.ಪಿ (kppp.karnataka.gov.in) ಪೋರ್ಟಲ್ ಮೂಲಕ ಕಾಮಗಾರಿಗಳಿಗೆ ಅರ್ಹ ಗುತ್ತಿಗೆದಾರರಿಂದ ಟೆಂಡರನ್ನು ಆಹ್ವಾನಿಸಿದೆ. ಲೆಕ್ಕ ಶೀರ್ಷಿಕೆ 5054-04-337-0-01-154, 2216-07-053-0-01-200, 5054-04-337-0-01-154 ಜಿಲ್ಲಾ ಇತರೆ ರಸ್ತೆಗಳು ಸುಧಾರಣೆ 4059-80-051-0-29-386-V ಮತ್ತು SH-Bridge.
ಸಾಮಾನ್ಯ
1) PWD/2025-26/BD/WORK_INDENT27989
2) PWD/2025-26/SE0584 (Extension)
3) PWD/2025-26/SE0476
4) PWD/2025-26/SE0580(Extension)
5) PWD/2025-26/SE0537
6) PWD/2025-26/BD/WORK_INDENT22686/Call-2
7) PWD/2025-26/BD/WORK_INDENT29190
8) PWD/2025-26/BD/WORK_INDENT21453
9) PWD/2025-26/BD/WORK_INDENT16551/Call-2
10) PWD/2025-26/BD/WORK_INDENT28488(Extension)
11) PWD/2025-26/BD/WORK_INDENT29701
12) PWD/2025-26/BD/WORK_INDENT29699
13) PWD/2025-26/BD/WORK_INDENT29351
14) PWD/2025-26/BD/WORK_INDENT29702
15) PWD/2025-26/BD/WORK_INDENT28757
16) PWD/2025-26/BR/WORK_INDENT29800
17) PWD/2025-26/BR/WORK_INDENT29880
18) PWD/2025-26/SE0505(Extension)
19) PWD/2025-26/SE0506(Extension)
20) PWD/2025-26/SE0602
21) PWD/2025-26/SE0603
22) PWD/2025-26/BG/WORK_INDENT29468 (Extension)
23) PWD/2025-26/BR/WORK_INDENT29427 (Extension)
24) PWD/2025-26/BG/WORK_INDENT29469 (Extension)
ಪರಿಶಿಷ್ಟ ಜಾತಿ
CAT-II(A)
ಪರಿಶಿಷ್ಟ ಪಂಗಡ
Calander of Events: 1) ಅಕ್ಷಾಂಶ-ಅಂತಿಮ ದಿನಾಂಕ: 19-12-2025 (ಬೆಳಿಗ್ಗೆ 12:30 ಗಂಟೆಯವರೆಗೆ) 2) ಗುತ್ತಿಗೆ ಪತ್ರವನ್ನು ಸಲ್ಲಿಸುವ ಕೊನೆಯ ದಿನಾಂಕ:20-12-2025 (ಸಾಯಂಕಾಲ 16:00 ಗಂಟೆವರೆಗೆ) 3) ತಾಂತ್ರಿಕ ಬಿಡ್ ತೆರೆಯುವ ದಿನಾಂಕ:22-12-2025 (ಸಾಯಂಕಾಲ 16:30 ಗಂಟೆಗೆ) 4) ಆರ್ಥಿಕ ಬಿಡ್ ತೆರೆಯುವ ದಿನಾಂಕ: 23-12-2025 (ಸಾಯಂಕಾಲ 16:30 ಗಂಟೆಗೆ)
ಸಾಮಾನ್ಯ: 25) PWD/2025-26/SE0477 26) PWD/2025-26/SE0533
Calander of Events: 1) ಅಕ್ಷಾಂಶ-ಅಂತಿಮ ದಿನಾಂಕ: 11-12-2025 (ಬೆಳಿಗ್ಗೆ 12:30 ಗಂಟೆಯವರೆಗೆ) 2) ಗುತ್ತಿಗೆ ಪತ್ರವನ್ನು ಸಲ್ಲಿಸುವ ಕೊನೆಯ ದಿನಾಂಕ:12-12-2025 (ಸಾಯಂಕಾಲ 16:00 ಗಂಟೆವರೆಗೆ) 3) ತಾಂತ್ರಿಕ ಬಿಡ್ ತೆರೆಯುವ ದಿನಾಂಕ: 15-12-2025 (ಸಾಯಂಕಾಲ 16:30 ಗಂಟೆಗೆ) 4) ಆರ್ಥಿಕ ಬಿಡ್ ತೆರೆಯುವ ದಿನಾಂಕ: 16-12-2025 (ಸಾಯಂಕಾಲ 16:30 ಗಂಟೆಗೆ)
ಕಾಮಗಾರಿಗಳಿಗೆ ಸಂಬಂಧಿಸಿದ ಎಲ್ಲಾ ವಿವರಗಳನ್ನು ಅಂತರ್ಜಾಲ ವಿಳಾಸ http://www.kppp.karnataka.gov.in ರಲ್ಲಿ ಪಡೆಯಬಹುದು.
ಸಹಿ/- ಕಾರ್ಯನಿರ್ವಾಹಕ ಇಂಜಿನಿಯರರು, ಲೋಕೋಪಯೋಗಿ ಇಲಾಖೆ, ಧಾರವಾಡ ವಿಭಾಗ, ಧಾರವಾಡ
ವಾಸಾಸಂ/ಧಾರವಾಡ/919/ಟೆಂಡರ್/2025-26
